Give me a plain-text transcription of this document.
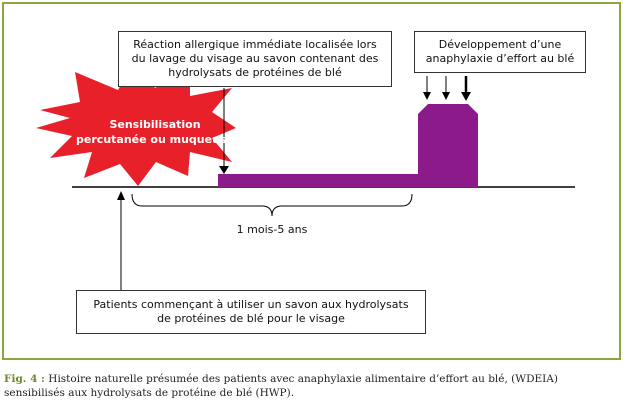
Sensibilisation
percutanée ou muqueuse
Réaction allergique immédiate localisée lors
du lavage du visage au savon contenant des
hydrolysats de protéines de blé
Développement d’une
anaphylaxie d’effort au blé
1 mois-5 ans
Patients commençant à utiliser un savon aux hydrolysats
de protéines de blé pour le visage
Fig. 4 : Histoire naturelle présumée des patients avec anaphylaxie alimentaire d’effort au blé, (WDEIA) sensibilisés aux hydrolysats de protéine de blé (HWP).
